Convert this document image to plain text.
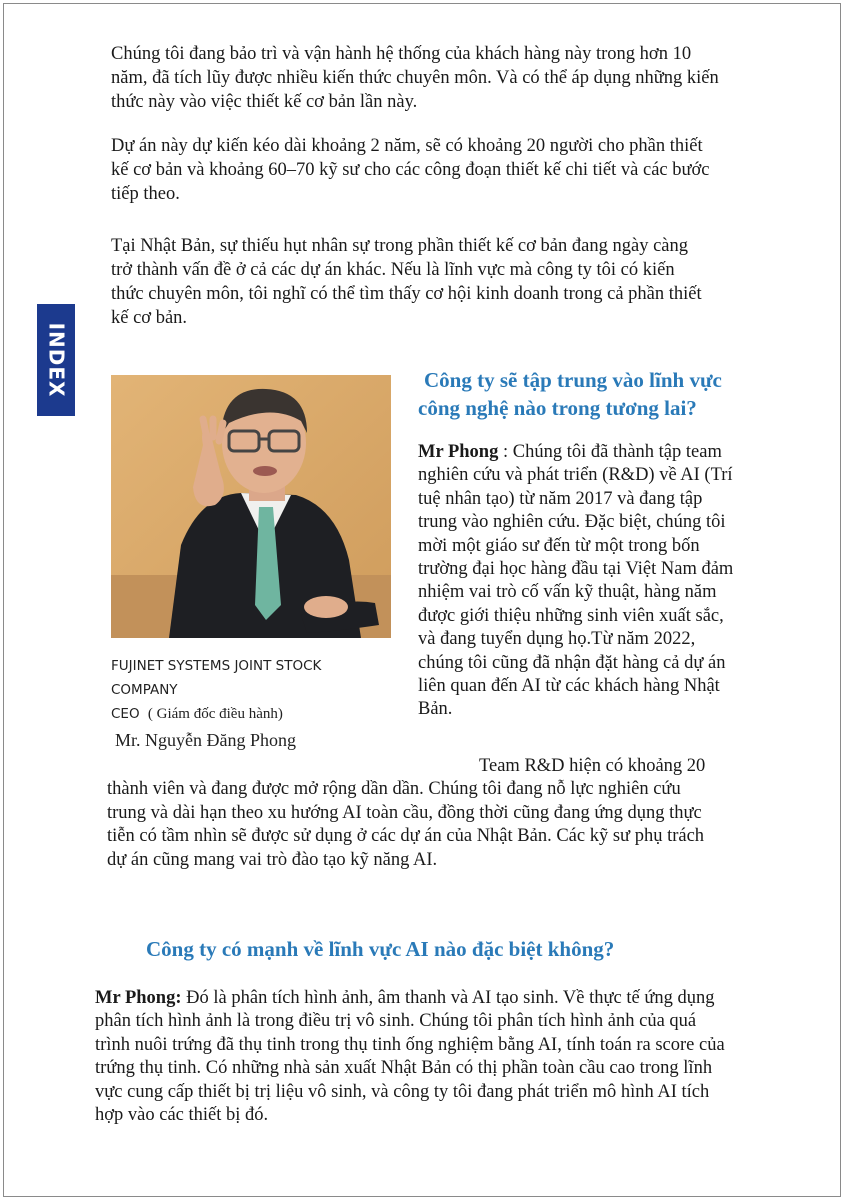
Chúng tôi đang bảo trì và vận hành hệ thống của khách hàng này trong hơn 10
năm, đã tích lũy được nhiều kiến thức chuyên môn. Và có thể áp dụng những kiến
thức này vào việc thiết kế cơ bản lần này.

Dự án này dự kiến kéo dài khoảng 2 năm, sẽ có khoảng 20 người cho phần thiết
kế cơ bản và khoảng 60–70 kỹ sư cho các công đoạn thiết kế chi tiết và các bước
tiếp theo.

Tại Nhật Bản, sự thiếu hụt nhân sự trong phần thiết kế cơ bản đang ngày càng
trở thành vấn đề ở cả các dự án khác. Nếu là lĩnh vực mà công ty tôi có kiến
thức chuyên môn, tôi nghĩ có thể tìm thấy cơ hội kinh doanh trong cả phần thiết
kế cơ bản.

INDEX
FUJINET SYSTEMS JOINT STOCK
COMPANY
CEO ( Giám đốc điều hành)
Mr. Nguyễn Đăng Phong
Công ty sẽ tập trung vào lĩnh vực
công nghệ nào trong tương lai?
Mr Phong : Chúng tôi đã thành tập team
nghiên cứu và phát triển (R&D) về AI (Trí
tuệ nhân tạo) từ năm 2017 và đang tập
trung vào nghiên cứu. Đặc biệt, chúng tôi
mời một giáo sư đến từ một trong bốn
trường đại học hàng đầu tại Việt Nam đảm
nhiệm vai trò cố vấn kỹ thuật, hàng năm
được giới thiệu những sinh viên xuất sắc,
và đang tuyển dụng họ.Từ năm 2022,
chúng tôi cũng đã nhận đặt hàng cả dự án
liên quan đến AI từ các khách hàng Nhật
Bản.
Team R&D hiện có khoảng 20
thành viên và đang được mở rộng dần dần. Chúng tôi đang nỗ lực nghiên cứu
trung và dài hạn theo xu hướng AI toàn cầu, đồng thời cũng đang ứng dụng thực
tiễn có tầm nhìn sẽ được sử dụng ở các dự án của Nhật Bản. Các kỹ sư phụ trách
dự án cũng mang vai trò đào tạo kỹ năng AI.
Công ty có mạnh về lĩnh vực AI nào đặc biệt không?
Mr Phong: Đó là phân tích hình ảnh, âm thanh và AI tạo sinh. Về thực tế ứng dụng
phân tích hình ảnh là trong điều trị vô sinh. Chúng tôi phân tích hình ảnh của quá
trình nuôi trứng đã thụ tinh trong thụ tinh ống nghiệm bằng AI, tính toán ra score của
trứng thụ tinh. Có những nhà sản xuất Nhật Bản có thị phần toàn cầu cao trong lĩnh
vực cung cấp thiết bị trị liệu vô sinh, và công ty tôi đang phát triển mô hình AI tích
hợp vào các thiết bị đó.
